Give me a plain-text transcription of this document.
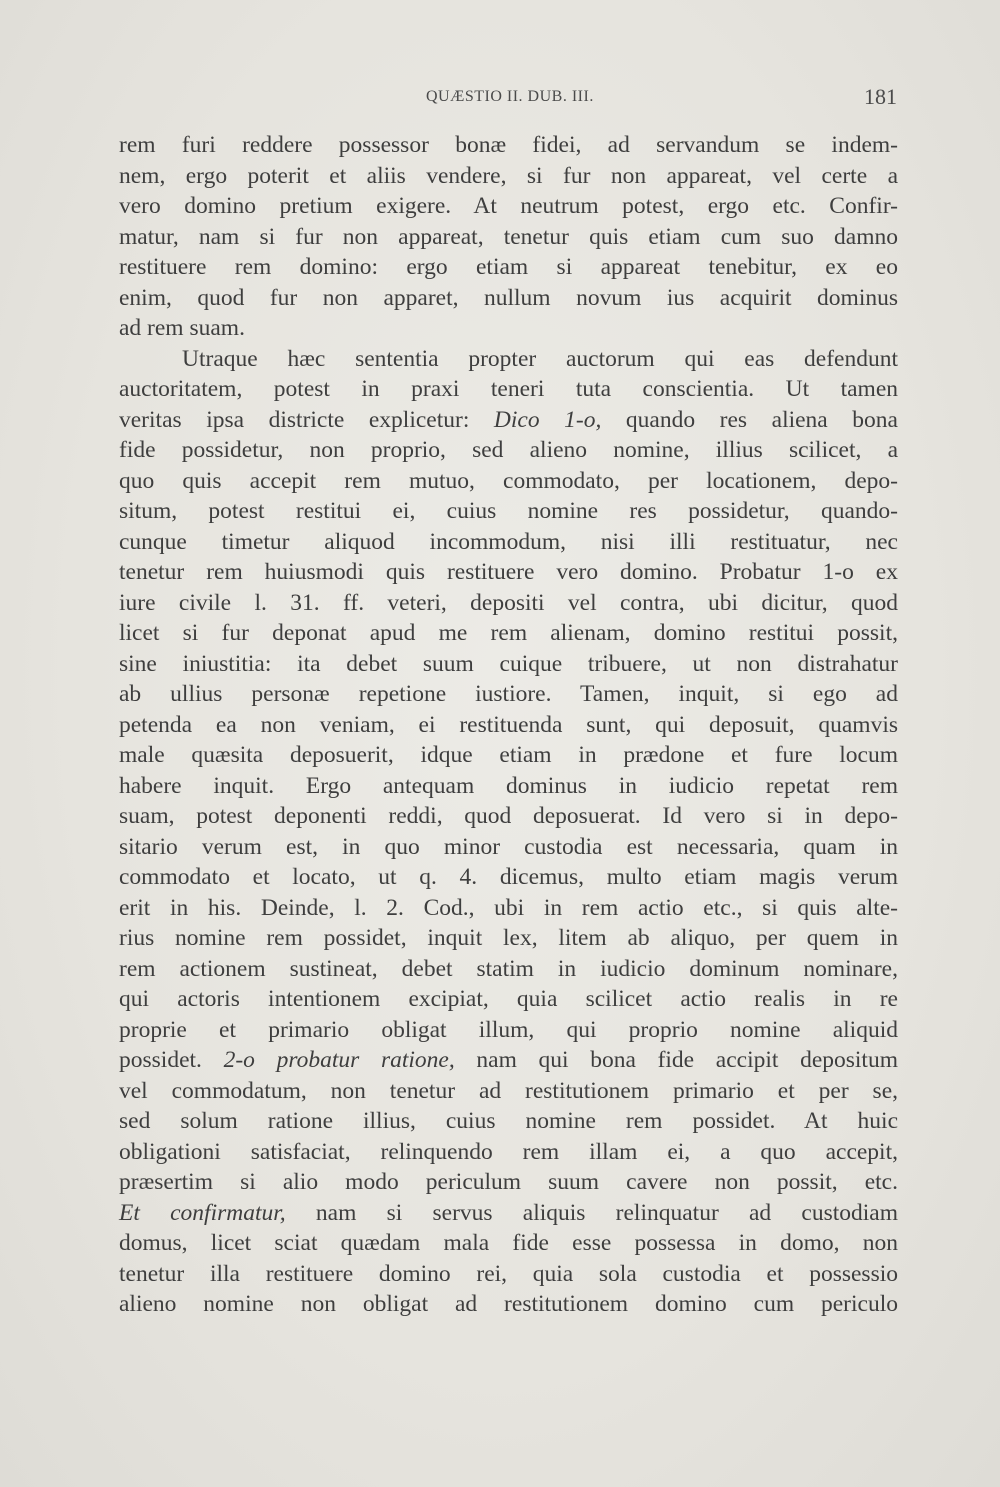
QUÆSTIO II. DUB. III.	181
rem furi reddere possessor bonæ fidei, ad servandum se indem-
nem, ergo poterit et aliis vendere, si fur non appareat, vel certe a
vero domino pretium exigere. At neutrum potest, ergo etc. Confir-
matur, nam si fur non appareat, tenetur quis etiam cum suo damno
restituere rem domino: ergo etiam si appareat tenebitur, ex eo
enim, quod fur non apparet, nullum novum ius acquirit dominus
ad rem suam.
Utraque hæc sententia propter auctorum qui eas defendunt
auctoritatem, potest in praxi teneri tuta conscientia. Ut tamen
veritas ipsa districte explicetur: Dico 1-o, quando res aliena bona
fide possidetur, non proprio, sed alieno nomine, illius scilicet, a
quo quis accepit rem mutuo, commodato, per locationem, depo-
situm, potest restitui ei, cuius nomine res possidetur, quando-
cunque timetur aliquod incommodum, nisi illi restituatur, nec
tenetur rem huiusmodi quis restituere vero domino. Probatur 1-o ex
iure civile l. 31. ff. veteri, depositi vel contra, ubi dicitur, quod
licet si fur deponat apud me rem alienam, domino restitui possit,
sine iniustitia: ita debet suum cuique tribuere, ut non distrahatur
ab ullius personæ repetione iustiore. Tamen, inquit, si ego ad
petenda ea non veniam, ei restituenda sunt, qui deposuit, quamvis
male quæsita deposuerit, idque etiam in prædone et fure locum
habere inquit. Ergo antequam dominus in iudicio repetat rem
suam, potest deponenti reddi, quod deposuerat. Id vero si in depo-
sitario verum est, in quo minor custodia est necessaria, quam in
commodato et locato, ut q. 4. dicemus, multo etiam magis verum
erit in his. Deinde, l. 2. Cod., ubi in rem actio etc., si quis alte-
rius nomine rem possidet, inquit lex, litem ab aliquo, per quem in
rem actionem sustineat, debet statim in iudicio dominum nominare,
qui actoris intentionem excipiat, quia scilicet actio realis in re
proprie et primario obligat illum, qui proprio nomine aliquid
possidet. 2-o probatur ratione, nam qui bona fide accipit depositum
vel commodatum, non tenetur ad restitutionem primario et per se,
sed solum ratione illius, cuius nomine rem possidet. At huic
obligationi satisfaciat, relinquendo rem illam ei, a quo accepit,
præsertim si alio modo periculum suum cavere non possit, etc.
Et confirmatur, nam si servus aliquis relinquatur ad custodiam
domus, licet sciat quædam mala fide esse possessa in domo, non
tenetur illa restituere domino rei, quia sola custodia et possessio
alieno nomine non obligat ad restitutionem domino cum periculo
